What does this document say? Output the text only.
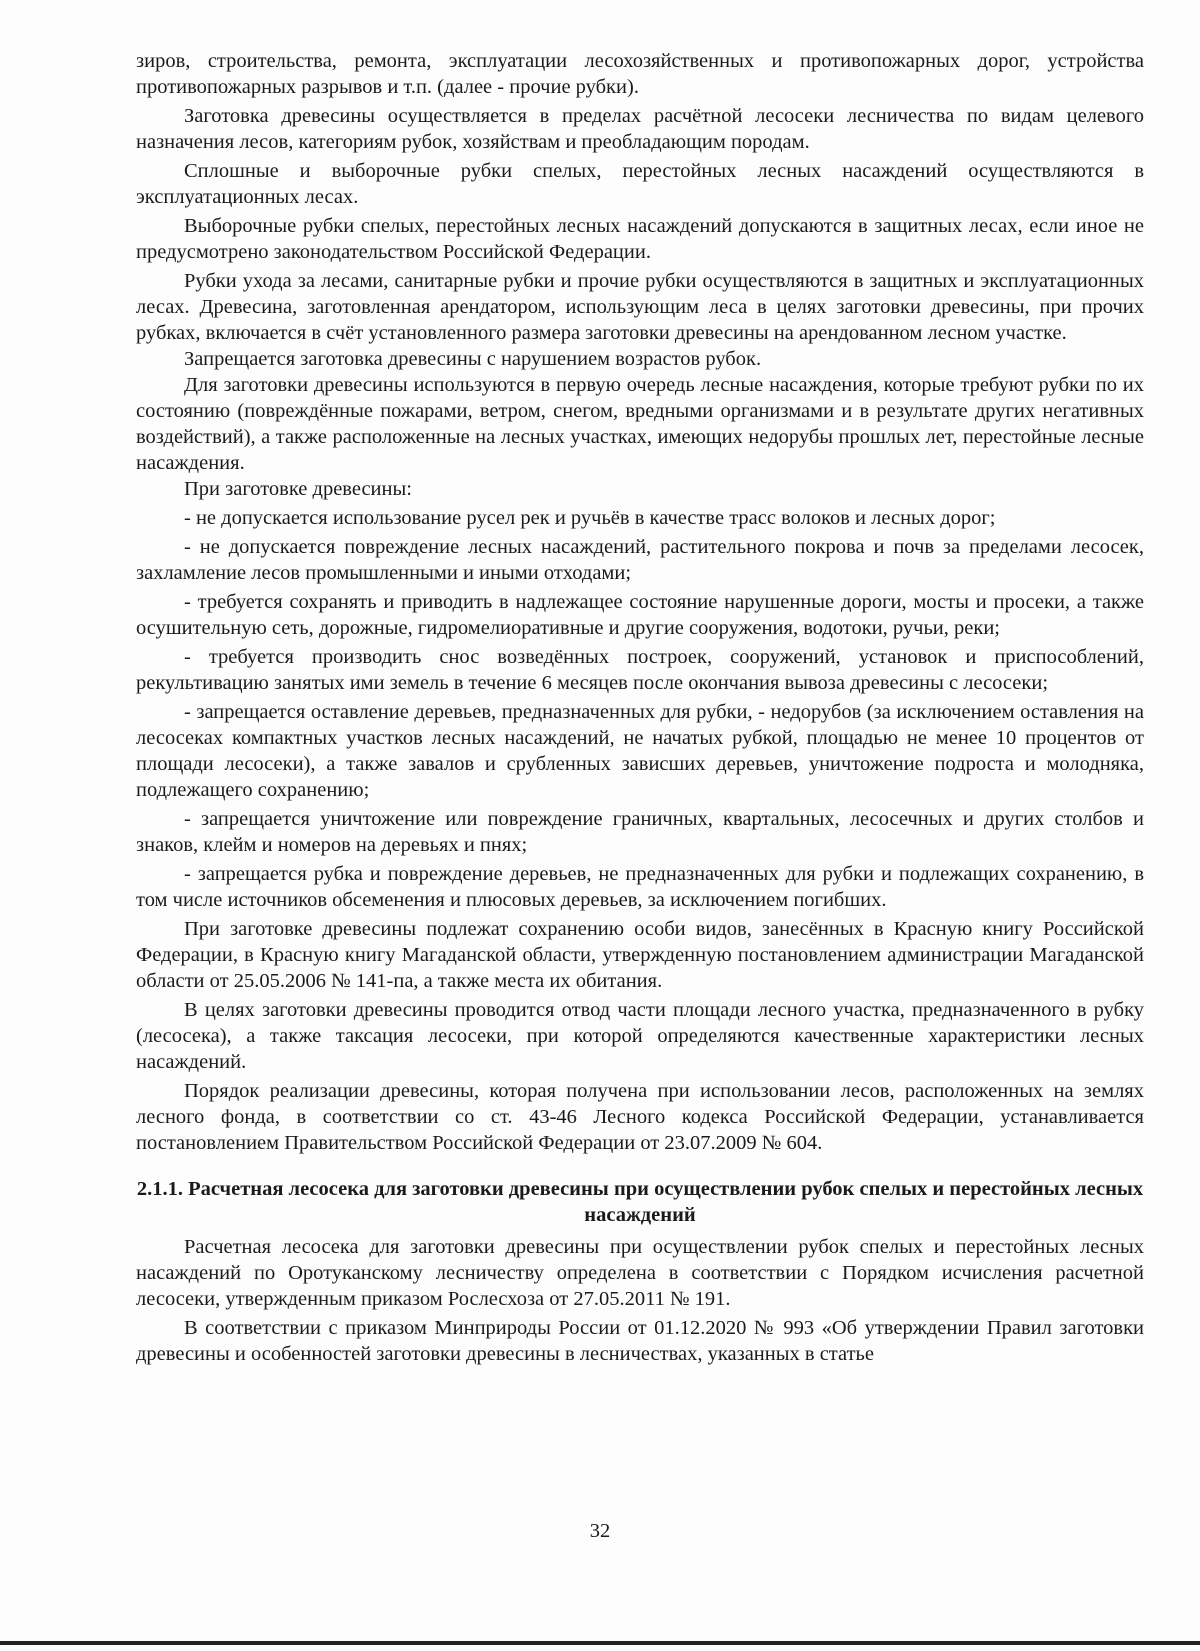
зиров, строительства, ремонта, эксплуатации лесохозяйственных и противопожарных дорог, устройства противопожарных разрывов и т.п. (далее - прочие рубки).

Заготовка древесины осуществляется в пределах расчётной лесосеки лесничества по видам целевого назначения лесов, категориям рубок, хозяйствам и преобладающим породам.

Сплошные и выборочные рубки спелых, перестойных лесных насаждений осуществляются в эксплуатационных лесах.

Выборочные рубки спелых, перестойных лесных насаждений допускаются в защитных лесах, если иное не предусмотрено законодательством Российской Федерации.

Рубки ухода за лесами, санитарные рубки и прочие рубки осуществляются в защитных и эксплуатационных лесах. Древесина, заготовленная арендатором, использующим леса в целях заготовки древесины, при прочих рубках, включается в счёт установленного размера заготовки древесины на арендованном лесном участке.

Запрещается заготовка древесины с нарушением возрастов рубок.

Для заготовки древесины используются в первую очередь лесные насаждения, которые требуют рубки по их состоянию (повреждённые пожарами, ветром, снегом, вредными организмами и в результате других негативных воздействий), а также расположенные на лесных участках, имеющих недорубы прошлых лет, перестойные лесные насаждения.

При заготовке древесины:

- не допускается использование русел рек и ручьёв в качестве трасс волоков и лесных дорог;

- не допускается повреждение лесных насаждений, растительного покрова и почв за пределами лесосек, захламление лесов промышленными и иными отходами;

- требуется сохранять и приводить в надлежащее состояние нарушенные дороги, мосты и просеки, а также осушительную сеть, дорожные, гидромелиоративные и другие сооружения, водотоки, ручьи, реки;

- требуется производить снос возведённых построек, сооружений, установок и приспособлений, рекультивацию занятых ими земель в течение 6 месяцев после окончания вывоза древесины с лесосеки;

- запрещается оставление деревьев, предназначенных для рубки, - недорубов (за исключением оставления на лесосеках компактных участков лесных насаждений, не начатых рубкой, площадью не менее 10 процентов от площади лесосеки), а также завалов и срубленных зависших деревьев, уничтожение подроста и молодняка, подлежащего сохранению;

- запрещается уничтожение или повреждение граничных, квартальных, лесосечных и других столбов и знаков, клейм и номеров на деревьях и пнях;

- запрещается рубка и повреждение деревьев, не предназначенных для рубки и подлежащих сохранению, в том числе источников обсеменения и плюсовых деревьев, за исключением погибших.

При заготовке древесины подлежат сохранению особи видов, занесённых в Красную книгу Российской Федерации, в Красную книгу Магаданской области, утвержденную постановлением администрации Магаданской области от 25.05.2006 № 141-па, а также места их обитания.

В целях заготовки древесины проводится отвод части площади лесного участка, предназначенного в рубку (лесосека), а также таксация лесосеки, при которой определяются качественные характеристики лесных насаждений.

Порядок реализации древесины, которая получена при использовании лесов, расположенных на землях лесного фонда, в соответствии со ст. 43-46 Лесного кодекса Российской Федерации, устанавливается постановлением Правительством Российской Федерации от 23.07.2009 № 604.

2.1.1. Расчетная лесосека для заготовки древесины при осуществлении рубок спелых и перестойных лесных насаждений

Расчетная лесосека для заготовки древесины при осуществлении рубок спелых и перестойных лесных насаждений по Оротуканскому лесничеству определена в соответствии с Порядком исчисления расчетной лесосеки, утвержденным приказом Рослесхоза от 27.05.2011 № 191.

В соответствии с приказом Минприроды России от 01.12.2020 № 993 «Об утверждении Правил заготовки древесины и особенностей заготовки древесины в лесничествах, указанных в статье

32
